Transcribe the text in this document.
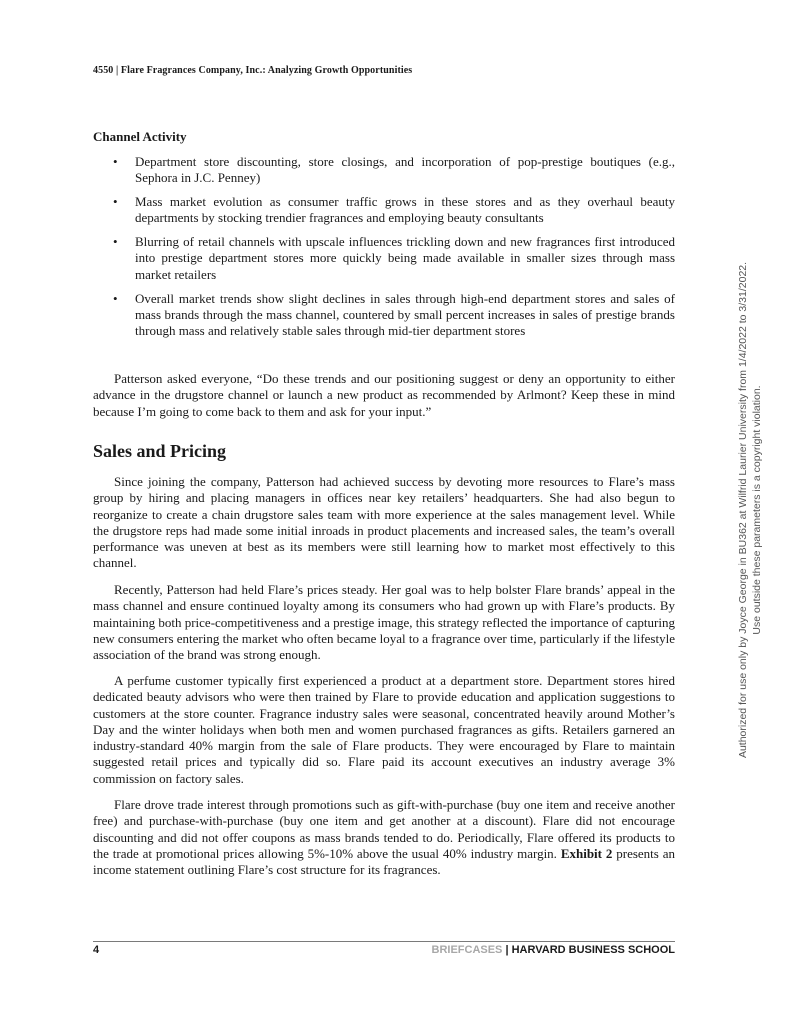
4550 | Flare Fragrances Company, Inc.: Analyzing Growth Opportunities
Channel Activity
• Department store discounting, store closings, and incorporation of pop-prestige boutiques (e.g., Sephora in J.C. Penney)
• Mass market evolution as consumer traffic grows in these stores and as they overhaul beauty departments by stocking trendier fragrances and employing beauty consultants
• Blurring of retail channels with upscale influences trickling down and new fragrances first introduced into prestige department stores more quickly being made available in smaller sizes through mass market retailers
• Overall market trends show slight declines in sales through high-end department stores and sales of mass brands through the mass channel, countered by small percent increases in sales of prestige brands through mass and relatively stable sales through mid-tier department stores

Patterson asked everyone, “Do these trends and our positioning suggest or deny an opportunity to either advance in the drugstore channel or launch a new product as recommended by Arlmont? Keep these in mind because I’m going to come back to them and ask for your input.”

Sales and Pricing

Since joining the company, Patterson had achieved success by devoting more resources to Flare’s mass group by hiring and placing managers in offices near key retailers’ headquarters. She had also begun to reorganize to create a chain drugstore sales team with more experience at the sales management level. While the drugstore reps had made some initial inroads in product placements and increased sales, the team’s overall performance was uneven at best as its members were still learning how to market most effectively to this channel.

Recently, Patterson had held Flare’s prices steady. Her goal was to help bolster Flare brands’ appeal in the mass channel and ensure continued loyalty among its consumers who had grown up with Flare’s products. By maintaining both price-competitiveness and a prestige image, this strategy reflected the importance of capturing new consumers entering the market who often became loyal to a fragrance over time, particularly if the lifestyle association of the brand was strong enough.

A perfume customer typically first experienced a product at a department store. Department stores hired dedicated beauty advisors who were then trained by Flare to provide education and application suggestions to customers at the store counter. Fragrance industry sales were seasonal, concentrated heavily around Mother’s Day and the winter holidays when both men and women purchased fragrances as gifts. Retailers garnered an industry-standard 40% margin from the sale of Flare products. They were encouraged by Flare to maintain suggested retail prices and typically did so. Flare paid its account executives an industry average 3% commission on factory sales.

Flare drove trade interest through promotions such as gift-with-purchase (buy one item and receive another free) and purchase-with-purchase (buy one item and get another at a discount). Flare did not encourage discounting and did not offer coupons as mass brands tended to do. Periodically, Flare offered its products to the trade at promotional prices allowing 5%-10% above the usual 40% industry margin. Exhibit 2 presents an income statement outlining Flare’s cost structure for its fragrances.

4	BRIEFCASES | HARVARD BUSINESS SCHOOL
Authorized for use only by Joyce George in BU362 at Wilfrid Laurier University from 1/4/2022 to 3/31/2022. Use outside these parameters is a copyright violation.
